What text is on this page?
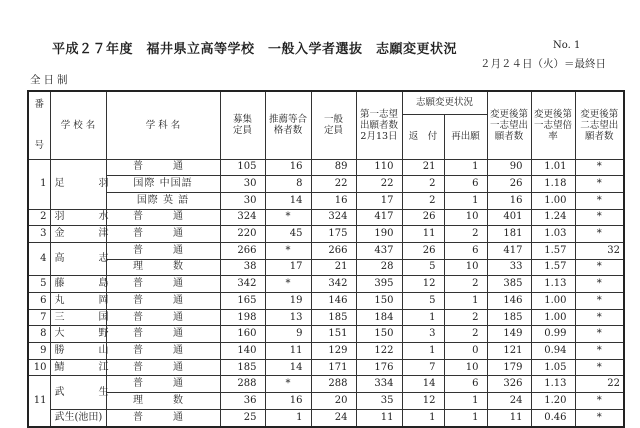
平成２７年度　福井県立高等学校　一般入学者選抜　志願変更状況	No. 1
２月２４日（火）＝最終日
全日制
番
号	学 校 名	学 科 名	募集定員	推薦等合格者数	一般定員	第一志望出願者数2月13日	志願変更状況		変更後第一志望出願者数	変更後第一志望倍　率	変更後第二志望出願者数
							返　付	再出願			
1	足　羽	普　通	105	16	89	110	21	1	90	1.01	*
		国際 中国語	30	8	22	22	2	6	26	1.18	*
		国際 英 語	30	14	16	17	2	1	16	1.00	*
2	羽　水	普　通	324	*	324	417	26	10	401	1.24	*
3	金　津	普　通	220	45	175	190	11	2	181	1.03	*
4	高　志	普　通	266	*	266	437	26	6	417	1.57	32
		理　数	38	17	21	28	5	10	33	1.57	*
5	藤　島	普　通	342	*	342	395	12	2	385	1.13	*
6	丸　岡	普　通	165	19	146	150	5	1	146	1.00	*
7	三　国	普　通	198	13	185	184	1	2	185	1.00	*
8	大　野	普　通	160	9	151	150	3	2	149	0.99	*
9	勝　山	普　通	140	11	129	122	1	0	121	0.94	*
10	鯖　江	普　通	185	14	171	176	7	10	179	1.05	*
11	武　生	普　通	288	*	288	334	14	6	326	1.13	22
		理　数	36	16	20	35	12	1	24	1.20	*
	武生(池田)	普　通	25	1	24	11	1	1	11	0.46	*
